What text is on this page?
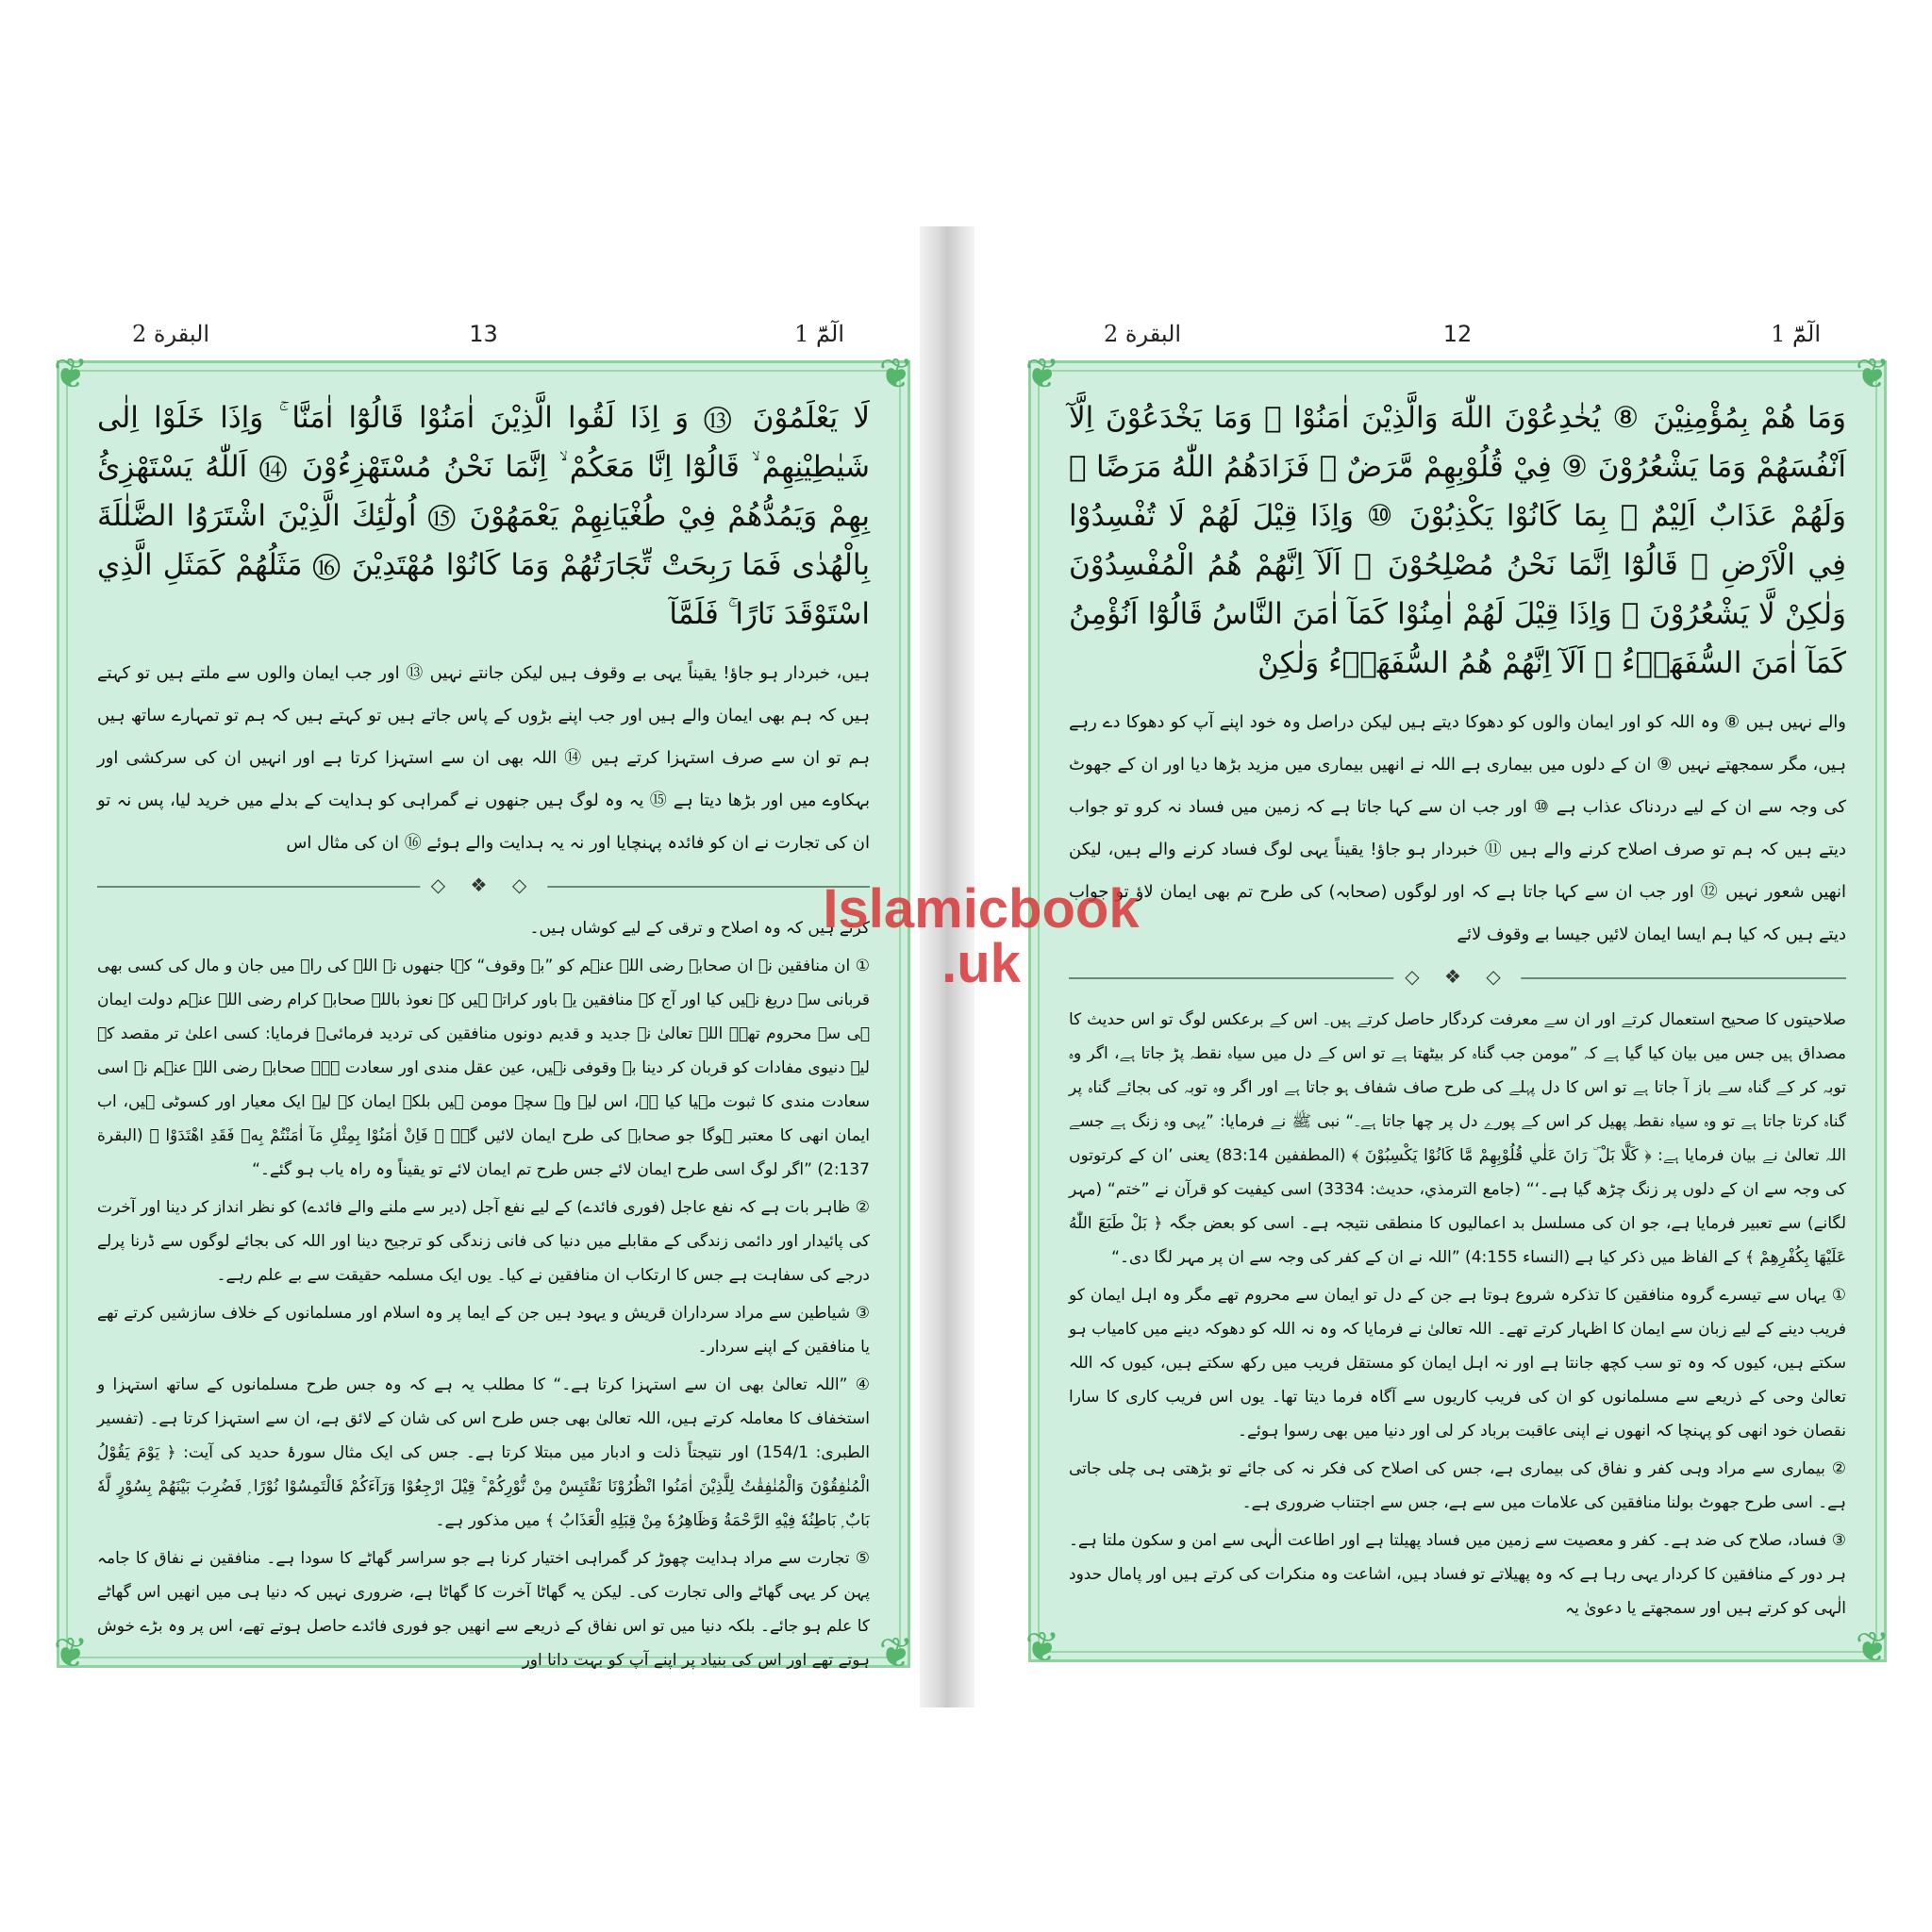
الٓمّٓ 1
13
البقرة 2
❦	❦
❦	❦

لَا يَعْلَمُوْنَ ⑬ وَ اِذَا لَقُوا الَّذِيْنَ اٰمَنُوْا قَالُوْٓا اٰمَنَّا ۚ وَاِذَا خَلَوْا اِلٰى شَيٰطِيْنِهِمْ ۙ قَالُوْٓا اِنَّا مَعَكُمْ ۙ اِنَّمَا نَحْنُ مُسْتَهْزِءُوْنَ ⑭ اَللّٰهُ يَسْتَهْزِئُ بِهِمْ وَيَمُدُّهُمْ فِيْ طُغْيَانِهِمْ يَعْمَهُوْنَ ⑮ اُولٰٓئِكَ الَّذِيْنَ اشْتَرَوُا الضَّلٰلَةَ بِالْهُدٰى فَمَا رَبِحَتْ تِّجَارَتُهُمْ وَمَا كَانُوْا مُهْتَدِيْنَ ⑯ مَثَلُهُمْ كَمَثَلِ الَّذِي اسْتَوْقَدَ نَارًا ۚ فَلَمَّآ

ہیں، خبردار ہو جاؤ! یقیناً یہی بے وقوف ہیں لیکن جانتے نہیں ⑬ اور جب ایمان والوں سے ملتے ہیں تو کہتے ہیں کہ ہم بھی ایمان والے ہیں اور جب اپنے بڑوں کے پاس جاتے ہیں تو کہتے ہیں کہ ہم تو تمہارے ساتھ ہیں ہم تو ان سے صرف استہزا کرتے ہیں ⑭ اللہ بھی ان سے استہزا کرتا ہے اور انہیں ان کی سرکشی اور بہکاوے میں اور بڑھا دیتا ہے ⑮ یہ وہ لوگ ہیں جنھوں نے گمراہی کو ہدایت کے بدلے میں خرید لیا، پس نہ تو ان کی تجارت نے ان کو فائدہ پہنچایا اور نہ یہ ہدایت والے ہوئے ⑯ ان کی مثال اس

◇ ❖ ◇

کرتے ہیں کہ وہ اصلاح و ترقی کے لیے کوشاں ہیں۔

① ان منافقین نے ان صحابہ رضی اللہ عنہم کو ”بے وقوف“ کہا جنھوں نے اللہ کی راہ میں جان و مال کی کسی بھی قربانی سے دریغ نہیں کیا اور آج کے منافقین یہ باور کراتے ہیں کہ نعوذ باللہ صحابۂ کرام رضی اللہ عنہم دولت ایمان ہی سے محروم تھے۔ اللہ تعالیٰ نے جدید و قدیم دونوں منافقین کی تردید فرمائی۔ فرمایا: کسی اعلیٰ تر مقصد کے لیے دنیوی مفادات کو قربان کر دینا بے وقوفی نہیں، عین عقل مندی اور سعادت ہے۔ صحابہ رضی اللہ عنہم نے اسی سعادت مندی کا ثبوت مہیا کیا ہے، اس لیے وہ سچے مومن ہیں بلکہ ایمان کے لیے ایک معیار اور کسوٹی ہیں، اب ایمان انھی کا معتبر ہوگا جو صحابہ کی طرح ایمان لائیں گے۔ ﴿ فَاِنْ اٰمَنُوْا بِمِثْلِ مَآ اٰمَنْتُمْ بِهٖ فَقَدِ اهْتَدَوْا ﴾ (البقرة 2:137) ”اگر لوگ اسی طرح ایمان لائے جس طرح تم ایمان لائے تو یقیناً وہ راہ یاب ہو گئے۔“

② ظاہر بات ہے کہ نفع عاجل (فوری فائدے) کے لیے نفع آجل (دیر سے ملنے والے فائدے) کو نظر انداز کر دینا اور آخرت کی پائیدار اور دائمی زندگی کے مقابلے میں دنیا کی فانی زندگی کو ترجیح دینا اور اللہ کی بجائے لوگوں سے ڈرنا پرلے درجے کی سفاہت ہے جس کا ارتکاب ان منافقین نے کیا۔ یوں ایک مسلمہ حقیقت سے بے علم رہے۔

③ شیاطین سے مراد سرداران قریش و یہود ہیں جن کے ایما پر وہ اسلام اور مسلمانوں کے خلاف سازشیں کرتے تھے یا منافقین کے اپنے سردار۔

④ ”اللہ تعالیٰ بھی ان سے استہزا کرتا ہے۔“ کا مطلب یہ ہے کہ وہ جس طرح مسلمانوں کے ساتھ استہزا و استخفاف کا معاملہ کرتے ہیں، اللہ تعالیٰ بھی جس طرح اس کی شان کے لائق ہے، ان سے استہزا کرتا ہے۔ (تفسیر الطبری: 154/1) اور نتیجتاً ذلت و ادبار میں مبتلا کرتا ہے۔ جس کی ایک مثال سورۂ حدید کی آیت: ﴿ يَوْمَ يَقُوْلُ الْمُنٰفِقُوْنَ وَالْمُنٰفِقٰتُ لِلَّذِيْنَ اٰمَنُوا انْظُرُوْنَا نَقْتَبِسْ مِنْ نُّوْرِكُمْ ۚ قِيْلَ ارْجِعُوْا وَرَآءَكُمْ فَالْتَمِسُوْا نُوْرًا ۭ فَضُرِبَ بَيْنَهُمْ بِسُوْرٍ لَّهٗ بَابٌ ۭ بَاطِنُهٗ فِيْهِ الرَّحْمَةُ وَظَاهِرُهٗ مِنْ قِبَلِهِ الْعَذَابُ ﴾ میں مذکور ہے۔

⑤ تجارت سے مراد ہدایت چھوڑ کر گمراہی اختیار کرنا ہے جو سراسر گھاٹے کا سودا ہے۔ منافقین نے نفاق کا جامہ پہن کر یہی گھاٹے والی تجارت کی۔ لیکن یہ گھاٹا آخرت کا گھاٹا ہے، ضروری نہیں کہ دنیا ہی میں انھیں اس گھاٹے کا علم ہو جائے۔ بلکہ دنیا میں تو اس نفاق کے ذریعے سے انھیں جو فوری فائدے حاصل ہوتے تھے، اس پر وہ بڑے خوش ہوتے تھے اور اس کی بنیاد پر اپنے آپ کو بہت دانا اور

الٓمّٓ 1
12
البقرة 2
❦	❦
❦	❦

وَمَا هُمْ بِمُؤْمِنِيْنَ ⑧ يُخٰدِعُوْنَ اللّٰهَ وَالَّذِيْنَ اٰمَنُوْا ۚ وَمَا يَخْدَعُوْنَ اِلَّآ اَنْفُسَهُمْ وَمَا يَشْعُرُوْنَ ⑨ فِيْ قُلُوْبِهِمْ مَّرَضٌ ۙ فَزَادَهُمُ اللّٰهُ مَرَضًا ۚ وَلَهُمْ عَذَابٌ اَلِيْمٌ ۢ بِمَا كَانُوْا يَكْذِبُوْنَ ⑩ وَاِذَا قِيْلَ لَهُمْ لَا تُفْسِدُوْا فِي الْاَرْضِ ۙ قَالُوْٓا اِنَّمَا نَحْنُ مُصْلِحُوْنَ ⑪ اَلَآ اِنَّهُمْ هُمُ الْمُفْسِدُوْنَ وَلٰكِنْ لَّا يَشْعُرُوْنَ ⑫ وَاِذَا قِيْلَ لَهُمْ اٰمِنُوْا كَمَآ اٰمَنَ النَّاسُ قَالُوْٓا اَنُؤْمِنُ كَمَآ اٰمَنَ السُّفَهَاۗءُ ۭ اَلَآ اِنَّهُمْ هُمُ السُّفَهَاۗءُ وَلٰكِنْ

والے نہیں ہیں ⑧ وہ اللہ کو اور ایمان والوں کو دھوکا دیتے ہیں لیکن دراصل وہ خود اپنے آپ کو دھوکا دے رہے ہیں، مگر سمجھتے نہیں ⑨ ان کے دلوں میں بیماری ہے اللہ نے انھیں بیماری میں مزید بڑھا دیا اور ان کے جھوٹ کی وجہ سے ان کے لیے دردناک عذاب ہے ⑩ اور جب ان سے کہا جاتا ہے کہ زمین میں فساد نہ کرو تو جواب دیتے ہیں کہ ہم تو صرف اصلاح کرنے والے ہیں ⑪ خبردار ہو جاؤ! یقیناً یہی لوگ فساد کرنے والے ہیں، لیکن انھیں شعور نہیں ⑫ اور جب ان سے کہا جاتا ہے کہ اور لوگوں (صحابہ) کی طرح تم بھی ایمان لاؤ تو جواب دیتے ہیں کہ کیا ہم ایسا ایمان لائیں جیسا بے وقوف لائے

◇ ❖ ◇

صلاحیتوں کا صحیح استعمال کرتے اور ان سے معرفت کردگار حاصل کرتے ہیں۔ اس کے برعکس لوگ تو اس حدیث کا مصداق ہیں جس میں بیان کیا گیا ہے کہ ”مومن جب گناہ کر بیٹھتا ہے تو اس کے دل میں سیاہ نقطہ پڑ جاتا ہے، اگر وہ توبہ کر کے گناہ سے باز آ جاتا ہے تو اس کا دل پہلے کی طرح صاف شفاف ہو جاتا ہے اور اگر وہ توبہ کی بجائے گناہ پر گناہ کرتا جاتا ہے تو وہ سیاہ نقطہ پھیل کر اس کے پورے دل پر چھا جاتا ہے۔“ نبی ﷺ نے فرمایا: ”یہی وہ زنگ ہے جسے اللہ تعالیٰ نے بیان فرمایا ہے: ﴿ كَلَّا بَلْ ۜ رَانَ عَلٰي قُلُوْبِهِمْ مَّا كَانُوْا يَكْسِبُوْنَ ﴾ (المطففين 83:14) یعنی ’ان کے کرتوتوں کی وجہ سے ان کے دلوں پر زنگ چڑھ گیا ہے۔‘“ (جامع الترمذي، حديث: 3334) اسی کیفیت کو قرآن نے ”ختم“ (مہر لگانے) سے تعبیر فرمایا ہے، جو ان کی مسلسل بد اعمالیوں کا منطقی نتیجہ ہے۔ اسی کو بعض جگہ ﴿ بَلْ طَبَعَ اللّٰهُ عَلَيْهَا بِكُفْرِهِمْ ﴾ کے الفاظ میں ذکر کیا ہے (النساء 4:155) ”اللہ نے ان کے کفر کی وجہ سے ان پر مہر لگا دی۔“

① یہاں سے تیسرے گروہ منافقین کا تذکرہ شروع ہوتا ہے جن کے دل تو ایمان سے محروم تھے مگر وہ اہل ایمان کو فریب دینے کے لیے زبان سے ایمان کا اظہار کرتے تھے۔ اللہ تعالیٰ نے فرمایا کہ وہ نہ اللہ کو دھوکہ دینے میں کامیاب ہو سکتے ہیں، کیوں کہ وہ تو سب کچھ جانتا ہے اور نہ اہل ایمان کو مستقل فریب میں رکھ سکتے ہیں، کیوں کہ اللہ تعالیٰ وحی کے ذریعے سے مسلمانوں کو ان کی فریب کاریوں سے آگاہ فرما دیتا تھا۔ یوں اس فریب کاری کا سارا نقصان خود انھی کو پہنچا کہ انھوں نے اپنی عاقبت برباد کر لی اور دنیا میں بھی رسوا ہوئے۔

② بیماری سے مراد وہی کفر و نفاق کی بیماری ہے، جس کی اصلاح کی فکر نہ کی جائے تو بڑھتی ہی چلی جاتی ہے۔ اسی طرح جھوٹ بولنا منافقین کی علامات میں سے ہے، جس سے اجتناب ضروری ہے۔

③ فساد، صلاح کی ضد ہے۔ کفر و معصیت سے زمین میں فساد پھیلتا ہے اور اطاعت الٰہی سے امن و سکون ملتا ہے۔ ہر دور کے منافقین کا کردار یہی رہا ہے کہ وہ پھیلاتے تو فساد ہیں، اشاعت وہ منکرات کی کرتے ہیں اور پامال حدود الٰہی کو کرتے ہیں اور سمجھتے یا دعویٰ یہ

Islamicbook
.uk
